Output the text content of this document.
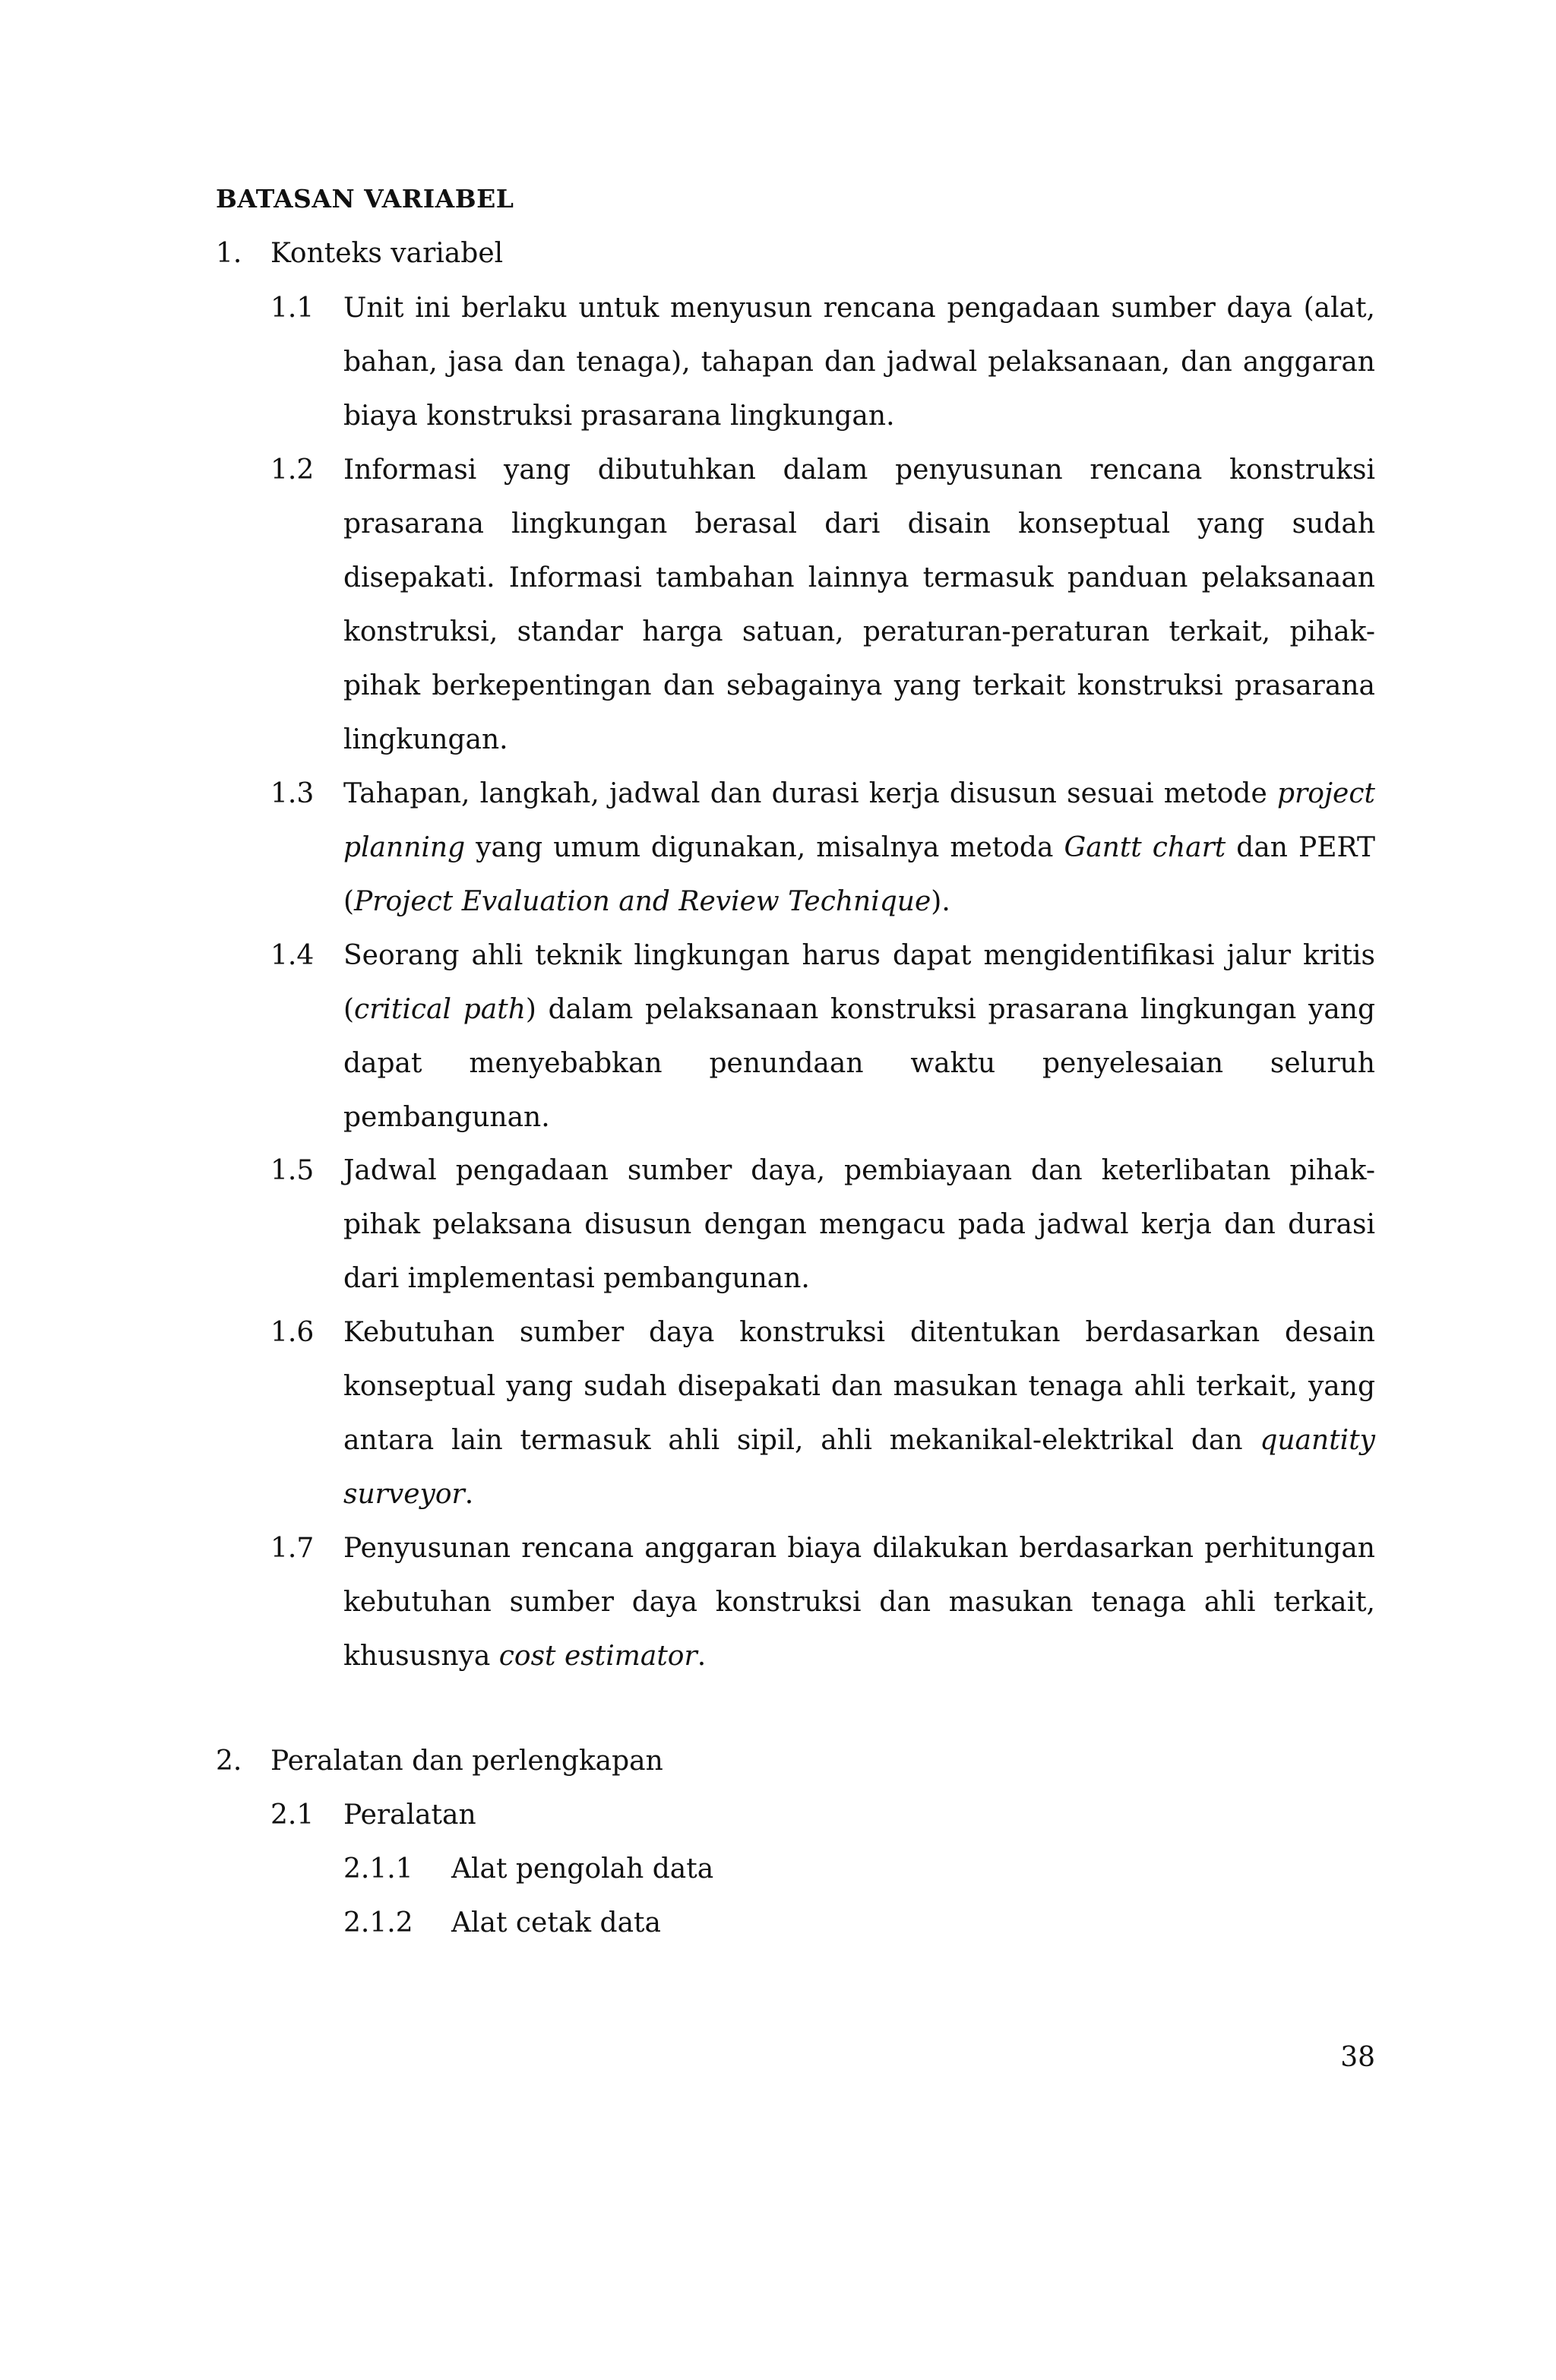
BATASAN VARIABEL
1. Konteks variabel
1.1	Unit ini berlaku untuk menyusun rencana pengadaan sumber daya (alat, bahan, jasa dan tenaga), tahapan dan jadwal pelaksanaan, dan anggaran biaya konstruksi prasarana lingkungan.

1.2	Informasi yang dibutuhkan dalam penyusunan rencana konstruksi prasarana lingkungan berasal dari disain konseptual yang sudah disepakati. Informasi tambahan lainnya termasuk panduan pelaksanaan konstruksi, standar harga satuan, peraturan-peraturan terkait, pihak-pihak berkepentingan dan sebagainya yang terkait konstruksi prasarana lingkungan.

1.3	Tahapan, langkah, jadwal dan durasi kerja disusun sesuai metode project planning yang umum digunakan, misalnya metoda Gantt chart dan PERT (Project Evaluation and Review Technique).

1.4	Seorang ahli teknik lingkungan harus dapat mengidentifikasi jalur kritis (critical path) dalam pelaksanaan konstruksi prasarana lingkungan yang dapat menyebabkan penundaan waktu penyelesaian seluruh pembangunan.

1.5	Jadwal pengadaan sumber daya, pembiayaan dan keterlibatan pihak-pihak pelaksana disusun dengan mengacu pada jadwal kerja dan durasi dari implementasi pembangunan.

1.6	Kebutuhan sumber daya konstruksi ditentukan berdasarkan desain konseptual yang sudah disepakati dan masukan tenaga ahli terkait, yang antara lain termasuk ahli sipil, ahli mekanikal-elektrikal dan quantity surveyor.

1.7	Penyusunan rencana anggaran biaya dilakukan berdasarkan perhitungan kebutuhan sumber daya konstruksi dan masukan tenaga ahli terkait, khususnya cost estimator.

2. Peralatan dan perlengkapan
2.1	Peralatan
2.1.1 Alat pengolah data
2.1.2 Alat cetak data
38
